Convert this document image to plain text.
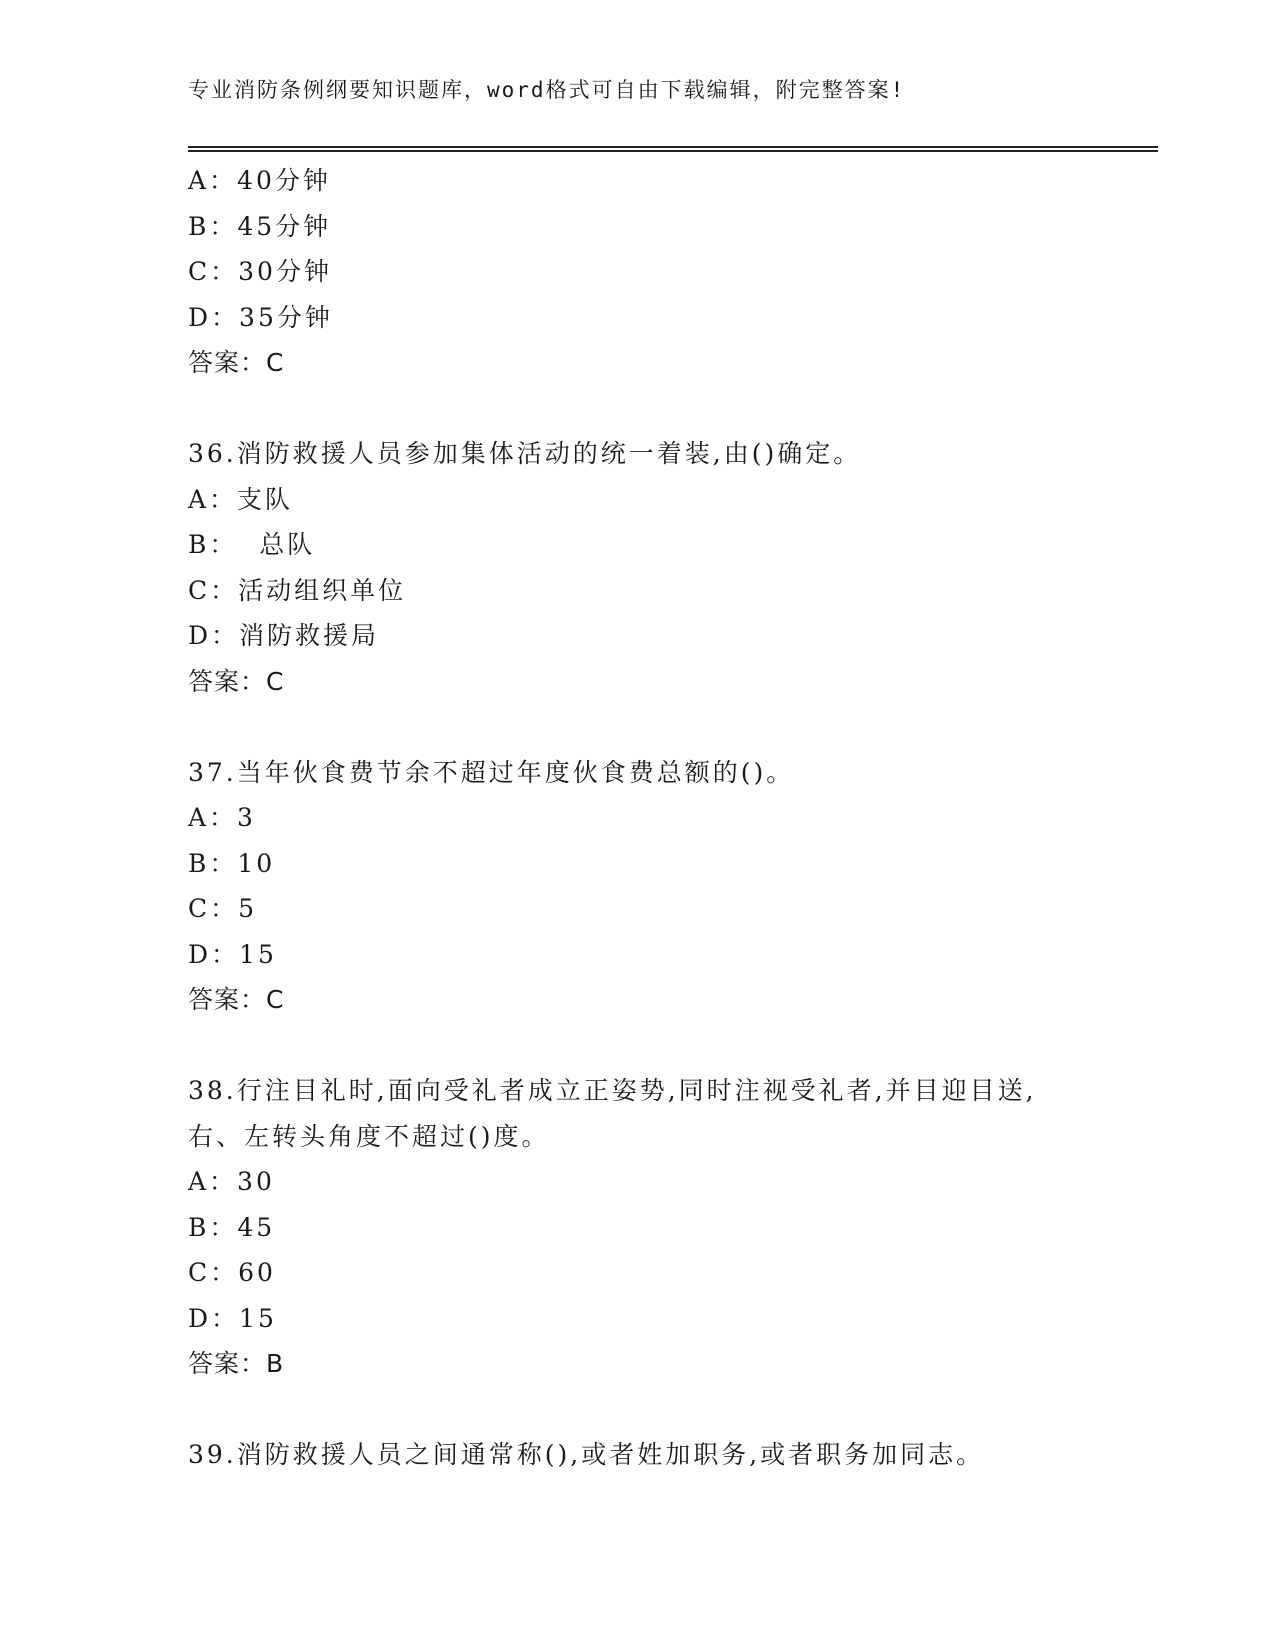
专业消防条例纲要知识题库，word格式可自由下载编辑，附完整答案!
A：40分钟
B：45分钟
C：30分钟
D：35分钟
答案：C
36.消防救援人员参加集体活动的统一着装,由()确定。
A：支队
B：  总队
C：活动组织单位
D：消防救援局
答案：C
37.当年伙食费节余不超过年度伙食费总额的()。
A：3
B：10
C：5
D：15
答案：C
38.行注目礼时,面向受礼者成立正姿势,同时注视受礼者,并目迎目送,
右、左转头角度不超过()度。
A：30
B：45
C：60
D：15
答案：B
39.消防救援人员之间通常称(),或者姓加职务,或者职务加同志。
